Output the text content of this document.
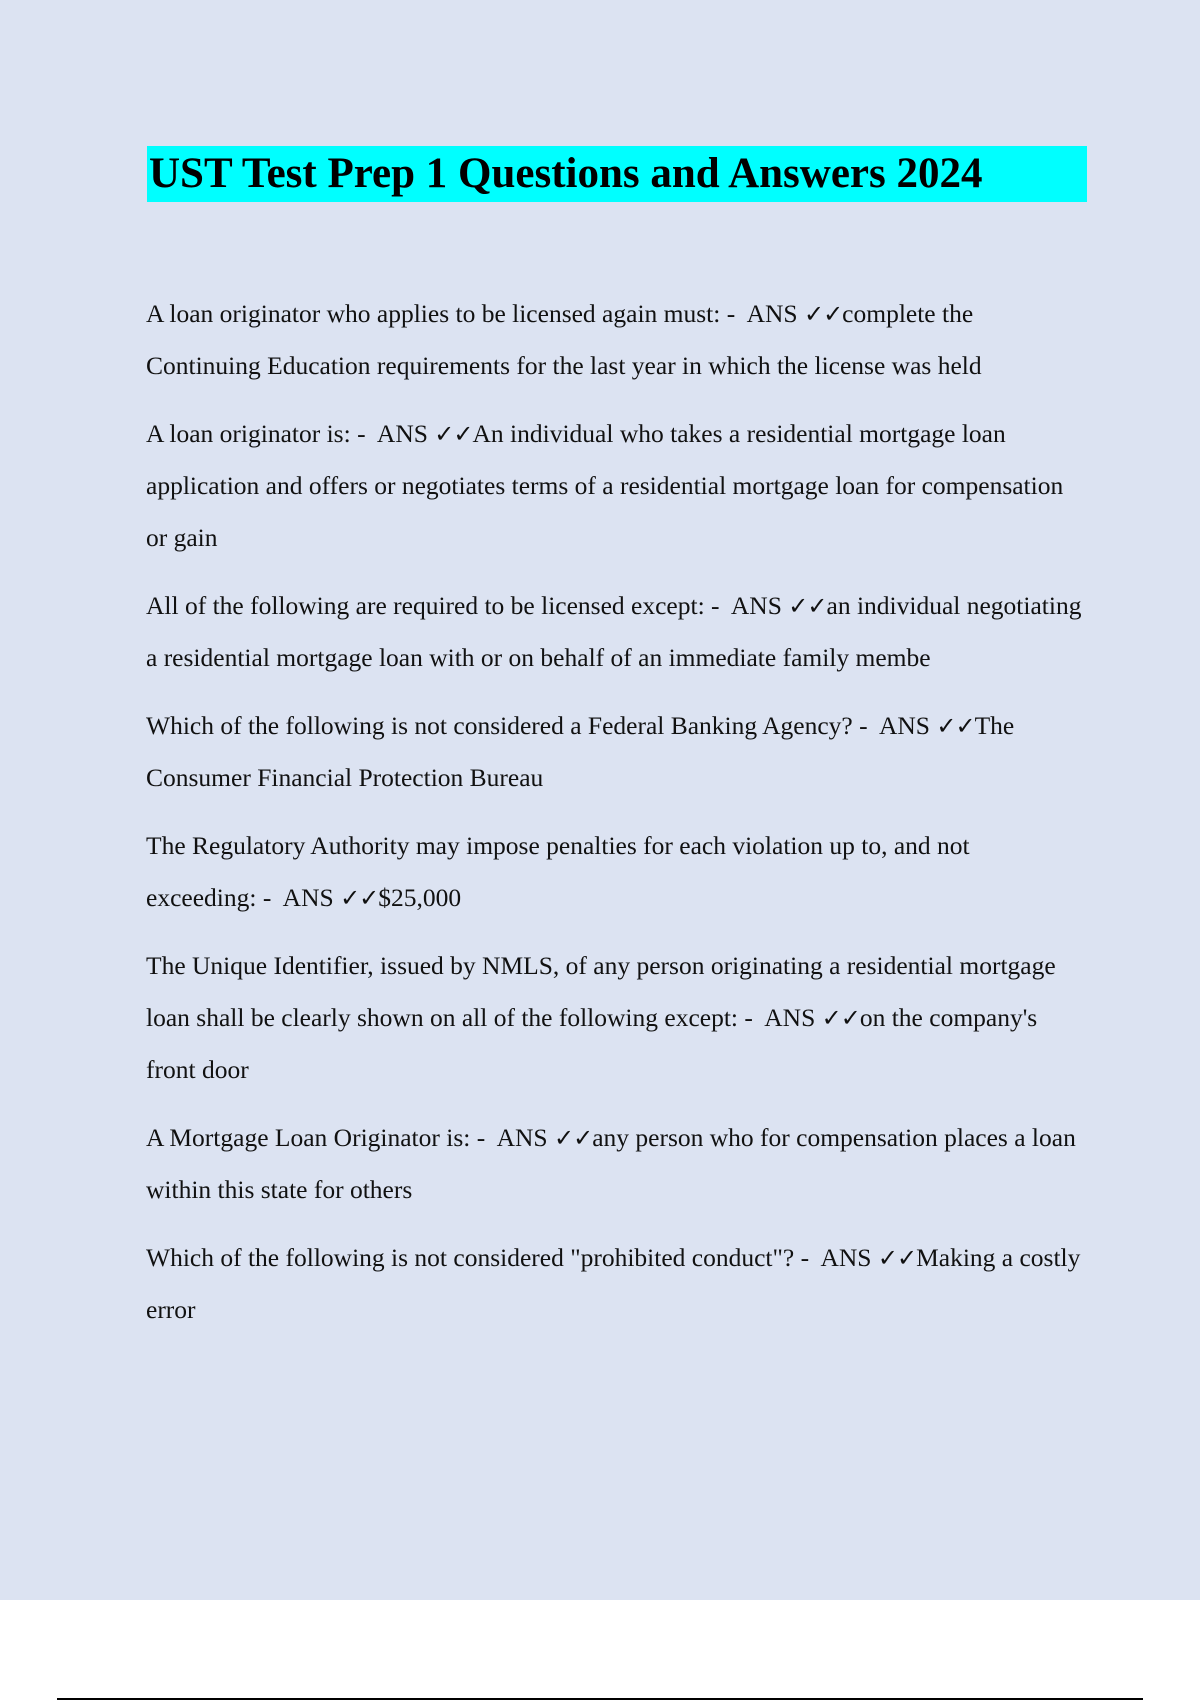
UST Test Prep 1 Questions and Answers 2024

A loan originator who applies to be licensed again must: -  ANS ✓✓complete the Continuing Education requirements for the last year in which the license was held

A loan originator is: -  ANS ✓✓An individual who takes a residential mortgage loan application and offers or negotiates terms of a residential mortgage loan for compensation or gain

All of the following are required to be licensed except: -  ANS ✓✓an individual negotiating a residential mortgage loan with or on behalf of an immediate family membe

Which of the following is not considered a Federal Banking Agency? -  ANS ✓✓The Consumer Financial Protection Bureau

The Regulatory Authority may impose penalties for each violation up to, and not exceeding: -  ANS ✓✓$25,000

The Unique Identifier, issued by NMLS, of any person originating a residential mortgage loan shall be clearly shown on all of the following except: -  ANS ✓✓on the company's front door

A Mortgage Loan Originator is: -  ANS ✓✓any person who for compensation places a loan within this state for others

Which of the following is not considered "prohibited conduct"? -  ANS ✓✓Making a costly error
